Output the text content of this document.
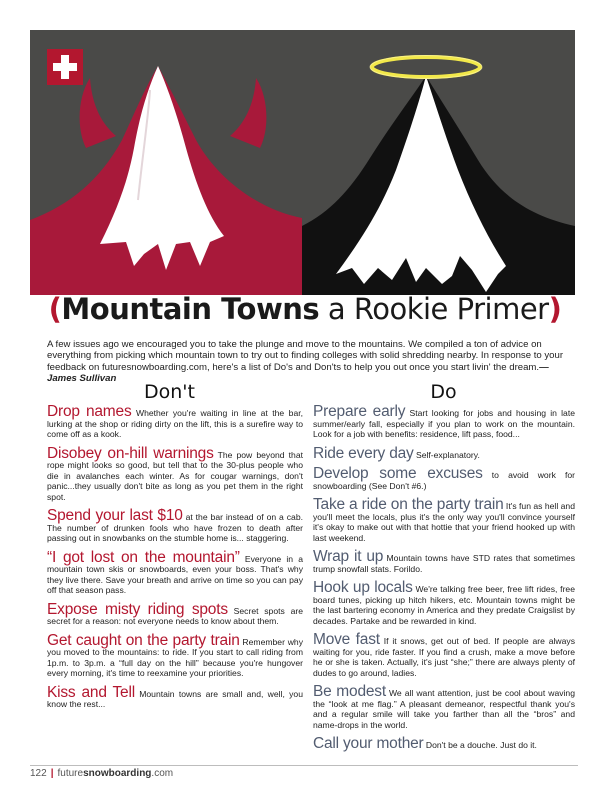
(Mountain Towns a Rookie Primer)
A few issues ago we encouraged you to take the plunge and move to the mountains. We compiled a ton of advice on everything from picking which mountain town to try out to finding colleges with solid shredding nearby. In response to your feedback on futuresnowboarding.com, here's a list of Do's and Don'ts to help you out once you start livin' the dream.—James Sullivan
Don't	Do

Drop names Whether you're waiting in line at the bar, lurking at the shop or riding dirty on the lift, this is a surefire way to come off as a kook.

Disobey on-hill warnings The pow beyond that rope might looks so good, but tell that to the 30-plus people who die in avalanches each winter. As for cougar warnings, don't panic...they usually don't bite as long as you pet them in the right spot.

Spend your last $10 at the bar instead of on a cab. The number of drunken fools who have frozen to death after passing out in snowbanks on the stumble home is... staggering.

“I got lost on the mountain” Everyone in a mountain town skis or snowboards, even your boss. That's why they live there. Save your breath and arrive on time so you can pay off that season pass.

Expose misty riding spots Secret spots are secret for a reason: not everyone needs to know about them.

Get caught on the party train Remember why you moved to the mountains: to ride. If you start to call riding from 1p.m. to 3p.m. a “full day on the hill” because you're hungover every morning, it's time to reexamine your priorities.

Kiss and Tell Mountain towns are small and, well, you know the rest...

Prepare early Start looking for jobs and housing in late summer/early fall, especially if you plan to work on the mountain. Look for a job with benefits: residence, lift pass, food...

Ride every day Self-explanatory.

Develop some excuses to avoid work for snowboarding (See Don't #6.)

Take a ride on the party train It's fun as hell and you'll meet the locals, plus it's the only way you'll convince yourself it's okay to make out with that hottie that your friend hooked up with last weekend.

Wrap it up Mountain towns have STD rates that sometimes trump snowfall stats. Forildo.

Hook up locals We're talking free beer, free lift rides, free board tunes, picking up hitch hikers, etc. Mountain towns might be the last bartering economy in America and they predate Craigslist by decades. Partake and be rewarded in kind.

Move fast If it snows, get out of bed. If people are always waiting for you, ride faster. If you find a crush, make a move before he or she is taken. Actually, it's just “she;” there are always plenty of dudes to go around, ladies.

Be modest We all want attention, just be cool about waving the “look at me flag.” A pleasant demeanor, respectful thank you's and a regular smile will take you farther than all the “bros” and name-drops in the world.

Call your mother Don't be a douche. Just do it.

122 | futuresnowboarding.com
